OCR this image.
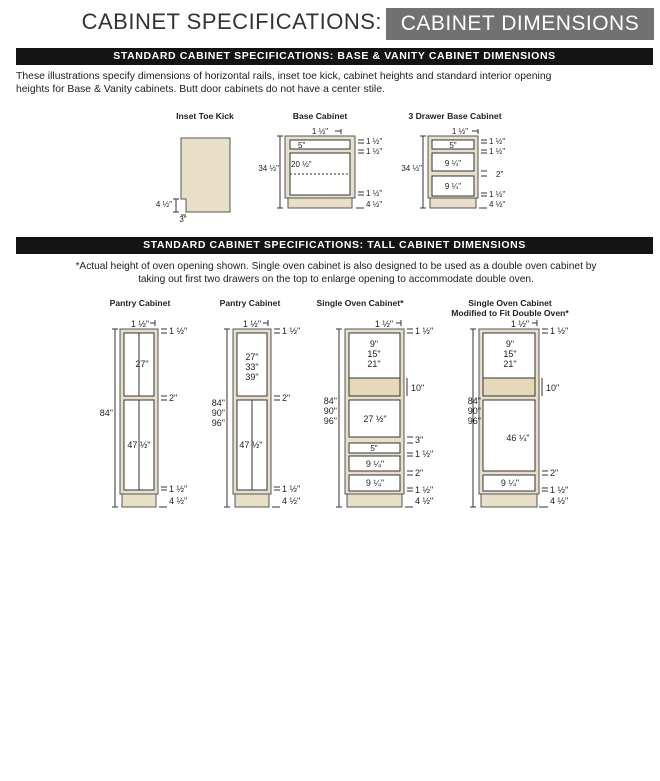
CABINET SPECIFICATIONS: CABINET DIMENSIONS
STANDARD CABINET SPECIFICATIONS: BASE & VANITY CABINET DIMENSIONS
These illustrations specify dimensions of horizontal rails, inset toe kick, cabinet heights and standard interior opening
heights for Base & Vanity cabinets. Butt door cabinets do not have a center stile.
Inset Toe Kick	Base Cabinet	3 Drawer Base Cabinet
STANDARD CABINET SPECIFICATIONS: TALL CABINET DIMENSIONS
*Actual height of oven opening shown. Single oven cabinet is also designed to be used as a double oven cabinet by
taking out first two drawers on the top to enlarge opening to accommodate double oven.
Pantry Cabinet	Pantry Cabinet	Single Oven Cabinet*	Single Oven Cabinet
Modified to Fit Double Oven*
4 ½"
3"
1 ½"
1 ½"
1 ½"
5"
20 ½"
34 ½"
1 ½"
4 ½"
1 ½"
1 ½"
1 ½"
5"
9 ¼"
9 ¼"
2"
34 ½"
1 ½"
4 ½"
1 ½"
1 ½"
27"
2"
47 ½"
84"
1 ½"
4 ½"
1 ½"
1 ½"
27"
33"
39"
2"
47 ½"
84"
90"
96"
1 ½"
4 ½"
1 ½"
1 ½"
9"
15"
21"
10"
27 ½"
3"
5"
1 ½"
9 ¼"
2"
9 ¼"
84"
90"
96"
1 ½"
4 ½"
1 ½"
1 ½"
9"
15"
21"
10"
46 ¼"
2"
9 ¼"
84"
90"
96"
1 ½"
4 ½"
